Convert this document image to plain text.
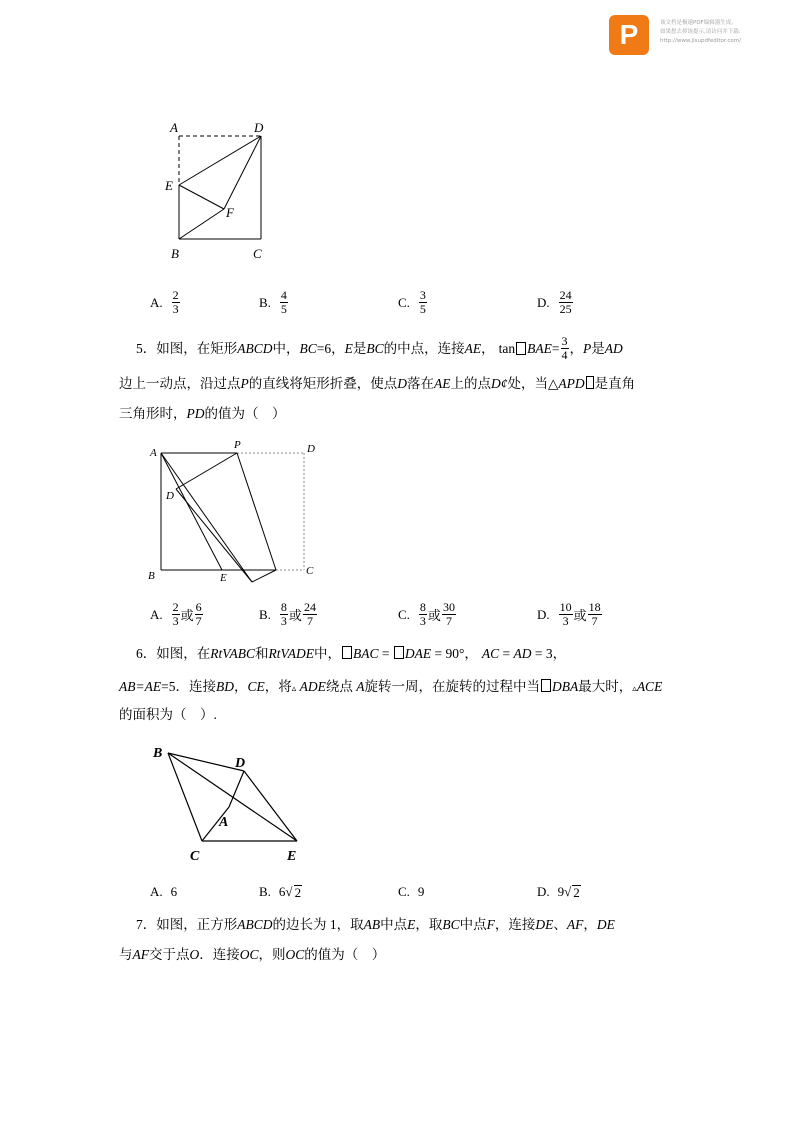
P	该文档是极速PDF编辑器生成,
如果想去掉该提示,请访问并下载:
http://www.jisupdfeditor.com/
A	D
E
F
B	C
A. $\frac{2}{3}$	B. $\frac{4}{5}$	C. $\frac{3}{5}$	D. $\frac{24}{25}$
5．如图，在矩形 ABCD 中， BC =6， E 是 BC 的中点，连接 AE ， tan BAE = $\frac{3}{4}$ ， P 是 AD
边上一动点，沿过点P的直线将矩形折叠，使点D落在AE上的点D¢处，当△APD 是直角
三角形时，PD的值为（　）
A
P	D
D
B	E
C
A. $\frac{2}{3}$ 或 $\frac{6}{7}$	B. $\frac{8}{3}$ 或 $\frac{24}{7}$	C. $\frac{8}{3}$ 或 $\frac{30}{7}$	D. $\frac{10}{3}$ 或 $\frac{18}{7}$
6．如图，在RtVABC和RtVADE中， BAC = DAE = 90°， AC = AD = 3，
AB=AE=5．连接BD，CE，将▵ ADE绕点 A旋转一周，在旋转的过程中当 DBA最大时，▵ACE
的面积为（　）.
B
D
A
C	E
A. 6	B. 6 √ 2	C. 9	D. 9 √ 2
7．如图，正方形ABCD的边长为 1，取AB中点E，取BC中点F，连接DE、AF，DE
与AF交于点O．连接OC，则OC的值为（　）
